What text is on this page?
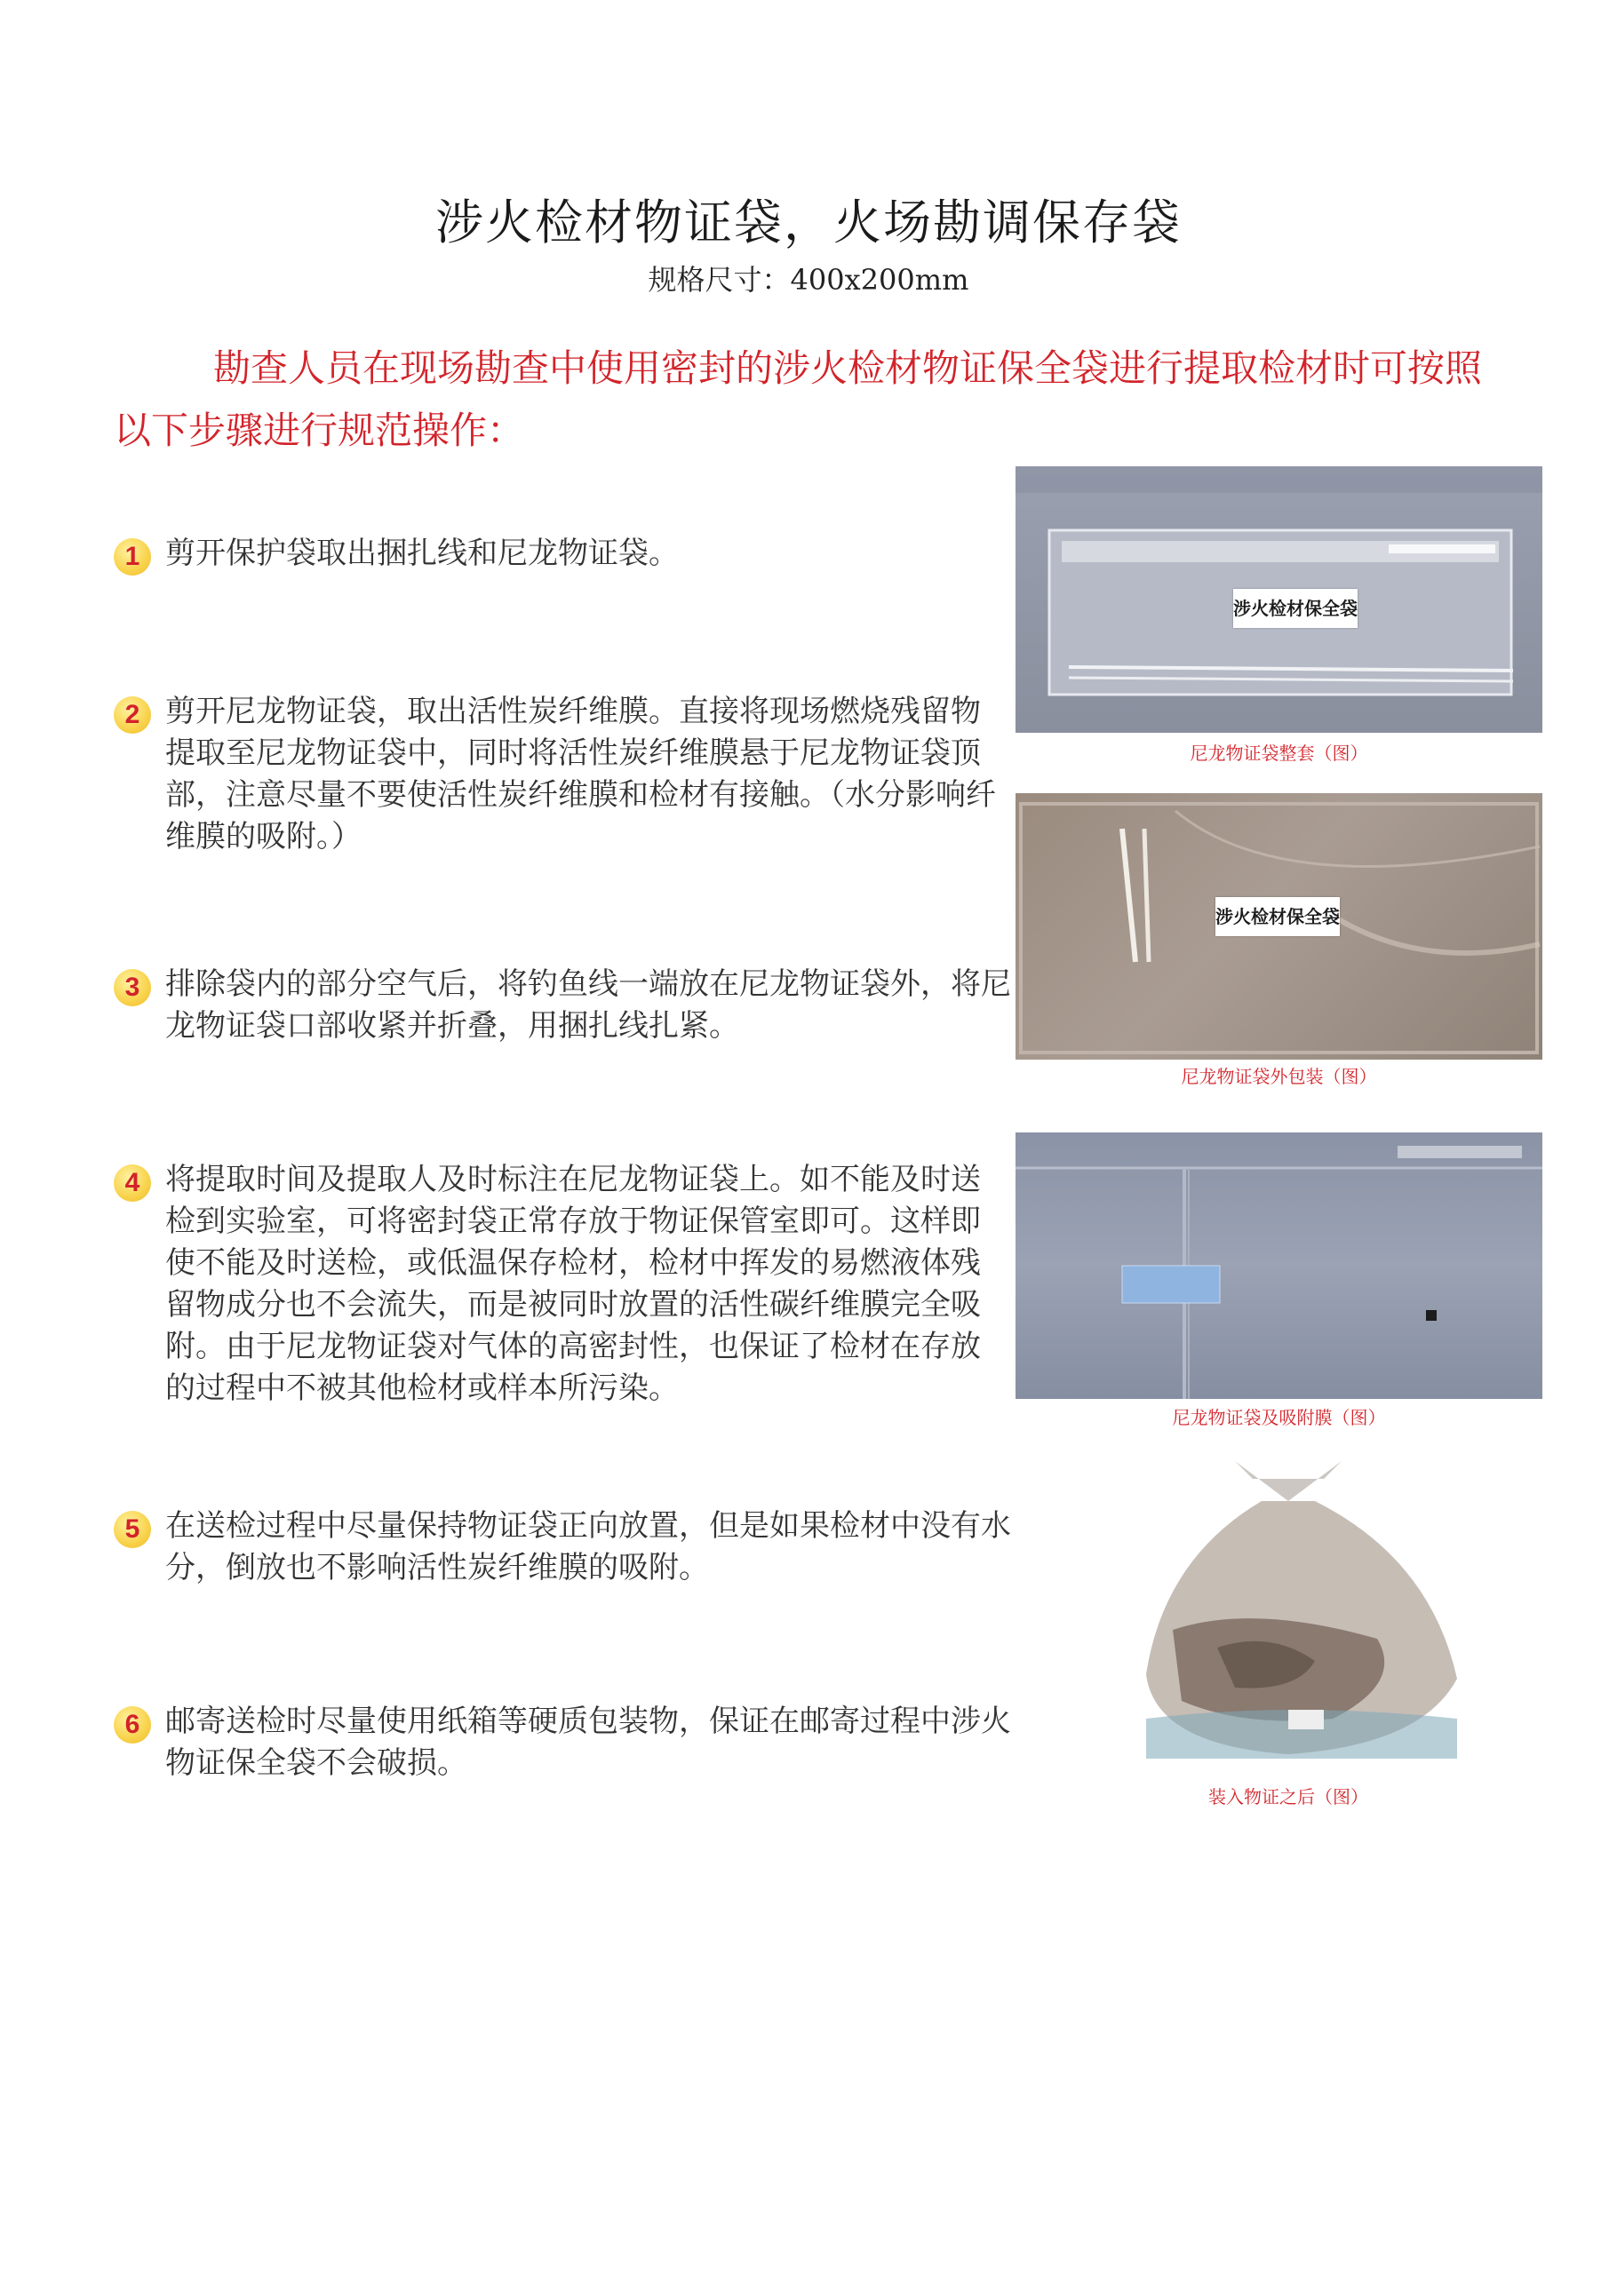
涉火检材物证袋，火场勘调保存袋
规格尺寸：400x200mm
勘查人员在现场勘查中使用密封的涉火检材物证保全袋进行提取检材时可按照以下步骤进行规范操作：
1 剪开保护袋取出捆扎线和尼龙物证袋。
2 剪开尼龙物证袋，取出活性炭纤维膜。直接将现场燃烧残留物提取至尼龙物证袋中，同时将活性炭纤维膜悬于尼龙物证袋顶部，注意尽量不要使活性炭纤维膜和检材有接触。（水分影响纤维膜的吸附。）
3 排除袋内的部分空气后，将钓鱼线一端放在尼龙物证袋外，将尼龙物证袋口部收紧并折叠，用捆扎线扎紧。
4 将提取时间及提取人及时标注在尼龙物证袋上。如不能及时送检到实验室，可将密封袋正常存放于物证保管室即可。这样即使不能及时送检，或低温保存检材，检材中挥发的易燃液体残留物成分也不会流失，而是被同时放置的活性碳纤维膜完全吸附。由于尼龙物证袋对气体的高密封性，也保证了检材在存放的过程中不被其他检材或样本所污染。
5 在送检过程中尽量保持物证袋正向放置，但是如果检材中没有水分，倒放也不影响活性炭纤维膜的吸附。
6 邮寄送检时尽量使用纸箱等硬质包装物，保证在邮寄过程中涉火物证保全袋不会破损。
涉火检材保全袋
尼龙物证袋整套（图）
涉火检材保全袋
尼龙物证袋外包装（图）
尼龙物证袋及吸附膜（图）
装入物证之后（图）
